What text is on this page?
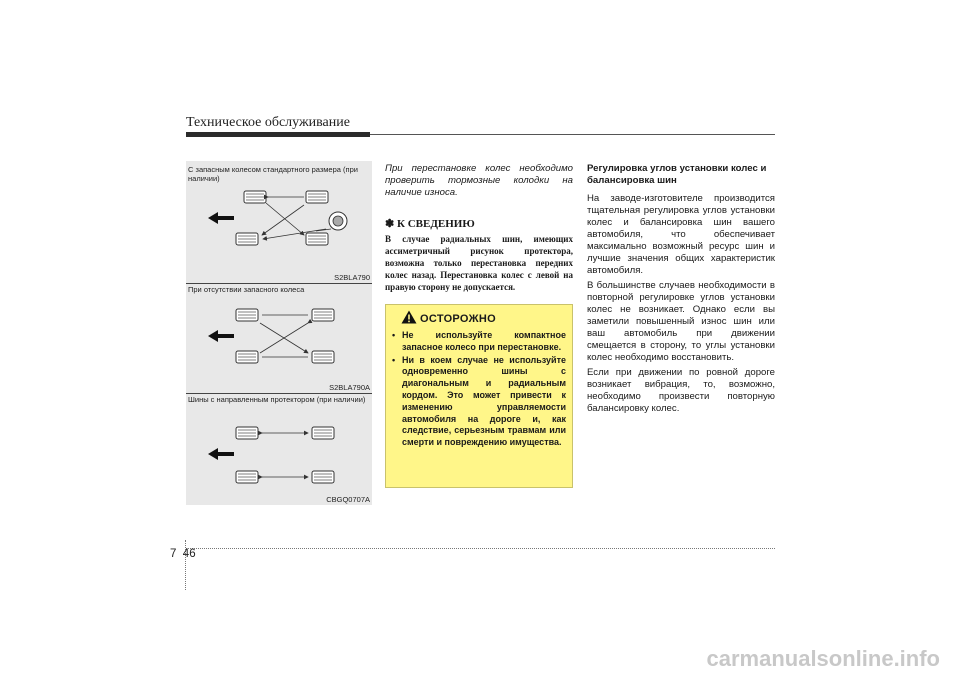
Техническое обслуживание
С запасным колесом стандартного размера (при наличии)
S2BLA790
При отсутствии запасного колеса
S2BLA790A
Шины с направленным протектором (при наличии)
CBGQ0707A
При перестановке колес необходимо проверить тормозные колодки на наличие износа.
✽ К СВЕДЕНИЮ
В случае радиальных шин, имеющих ассиметричный рисунок протектора, возможна только перестановка передних колес назад. Перестановка колес с левой на правую сторону не допускается.
ОСТОРОЖНО
• Не используйте компактное запасное колесо при перестановке.
• Ни в коем случае не используйте одновременно шины с диагональным и радиальным кордом. Это может привести к изменению управляемости автомобиля на дороге и, как следствие, серьезным травмам или смерти и повреждению имущества.
Регулировка углов установки колес и балансировка шин
На заводе-изготовителе производится тщательная регулировка углов установки колес и балансировка шин вашего автомобиля, что обеспечивает максимально возможный ресурс шин и лучшие значения общих характеристик автомобиля.
В большинстве случаев необходимости в повторной регулировке углов установки колес не возникает. Однако если вы заметили повышенный износ шин или ваш автомобиль при движении смещается в сторону, то углы установки колес необходимо восстановить.
Если при движении по ровной дороге возникает вибрация, то, возможно, необходимо произвести повторную балансировку колес.
7 46
carmanualsonline.info
